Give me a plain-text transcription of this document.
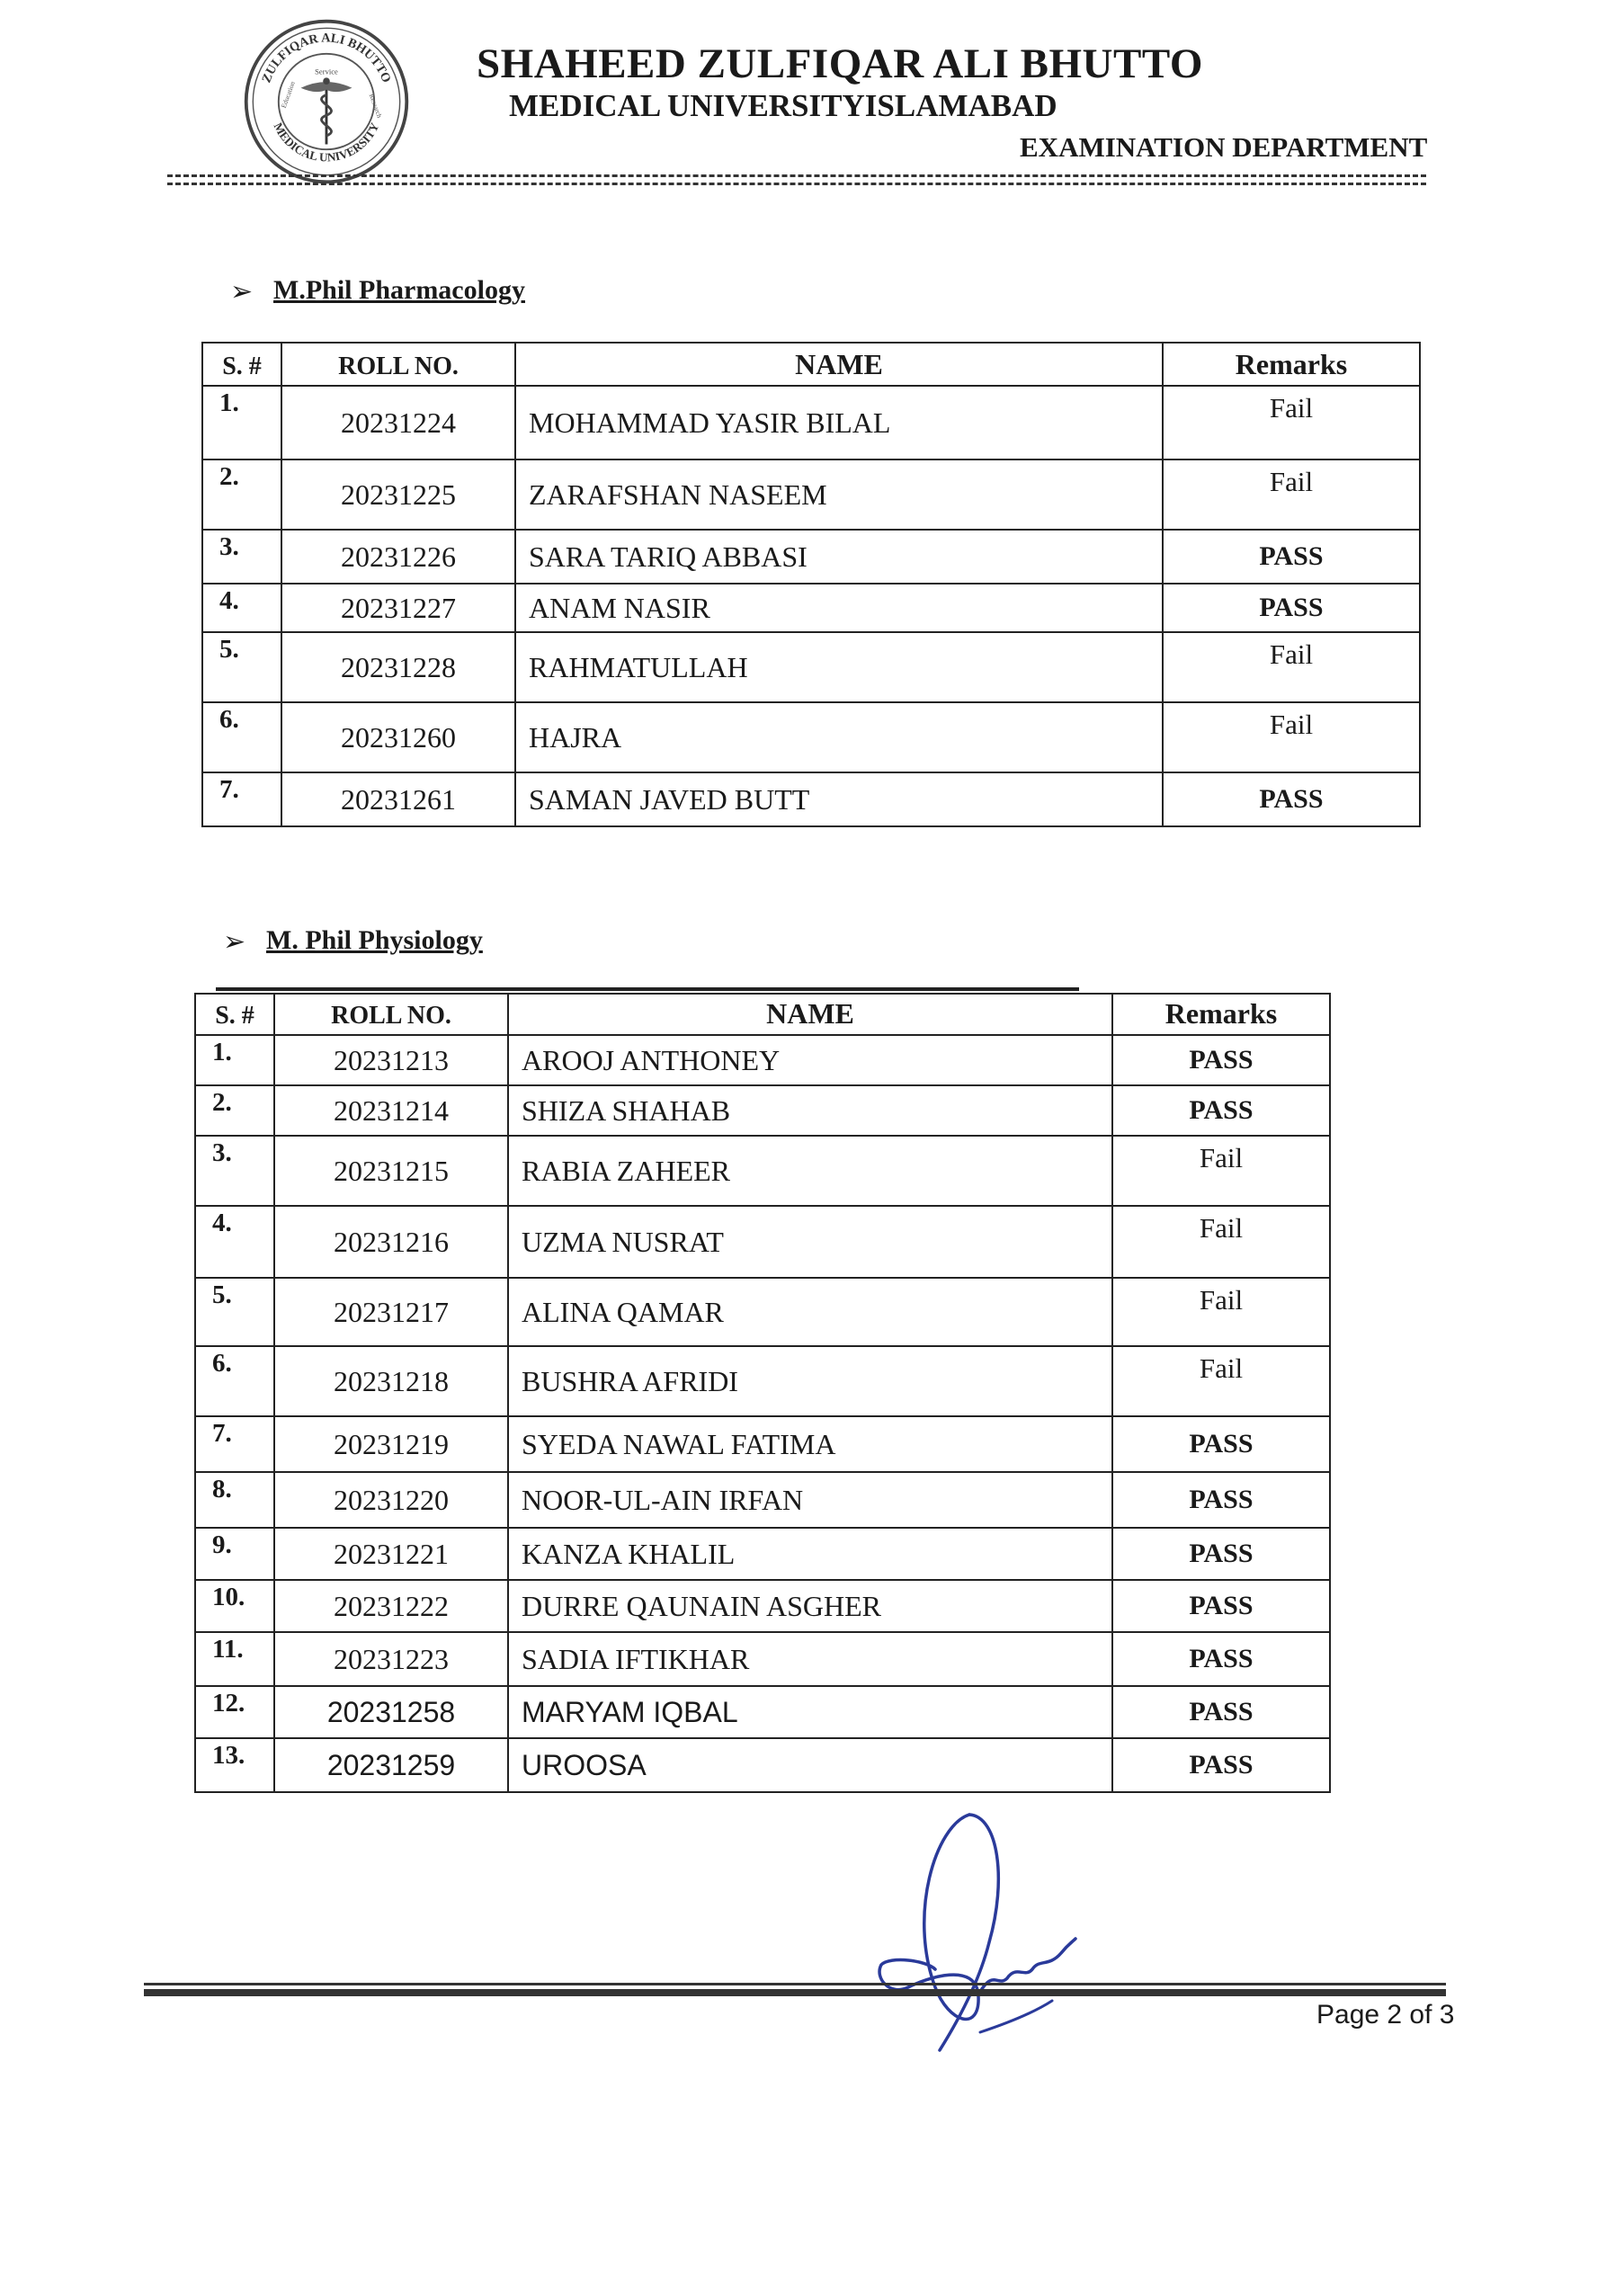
ZULFIQAR ALI BHUTTO
MEDICAL UNIVERSITY
Service
Education	Research
SHAHEED ZULFIQAR ALI BHUTTO
MEDICAL UNIVERSITYISLAMABAD
EXAMINATION DEPARTMENT
➢ M.Phil Pharmacology
S. #	ROLL NO.	NAME	Remarks
1.	20231224	MOHAMMAD YASIR BILAL	Fail
2.	20231225	ZARAFSHAN NASEEM	Fail
3.	20231226	SARA TARIQ ABBASI	PASS
4.	20231227	ANAM NASIR	PASS
5.	20231228	RAHMATULLAH	Fail
6.	20231260	HAJRA	Fail
7.	20231261	SAMAN JAVED BUTT	PASS
➢ M. Phil Physiology
S. #	ROLL NO.	NAME	Remarks
1.	20231213	AROOJ ANTHONEY	PASS
2.	20231214	SHIZA SHAHAB	PASS
3.	20231215	RABIA ZAHEER	Fail
4.	20231216	UZMA NUSRAT	Fail
5.	20231217	ALINA QAMAR	Fail
6.	20231218	BUSHRA AFRIDI	Fail
7.	20231219	SYEDA NAWAL FATIMA	PASS
8.	20231220	NOOR-UL-AIN IRFAN	PASS
9.	20231221	KANZA KHALIL	PASS
10.	20231222	DURRE QAUNAIN ASGHER	PASS
11.	20231223	SADIA IFTIKHAR	PASS
12.	20231258	MARYAM IQBAL	PASS
13.	20231259	UROOSA	PASS
Page 2 of 3
